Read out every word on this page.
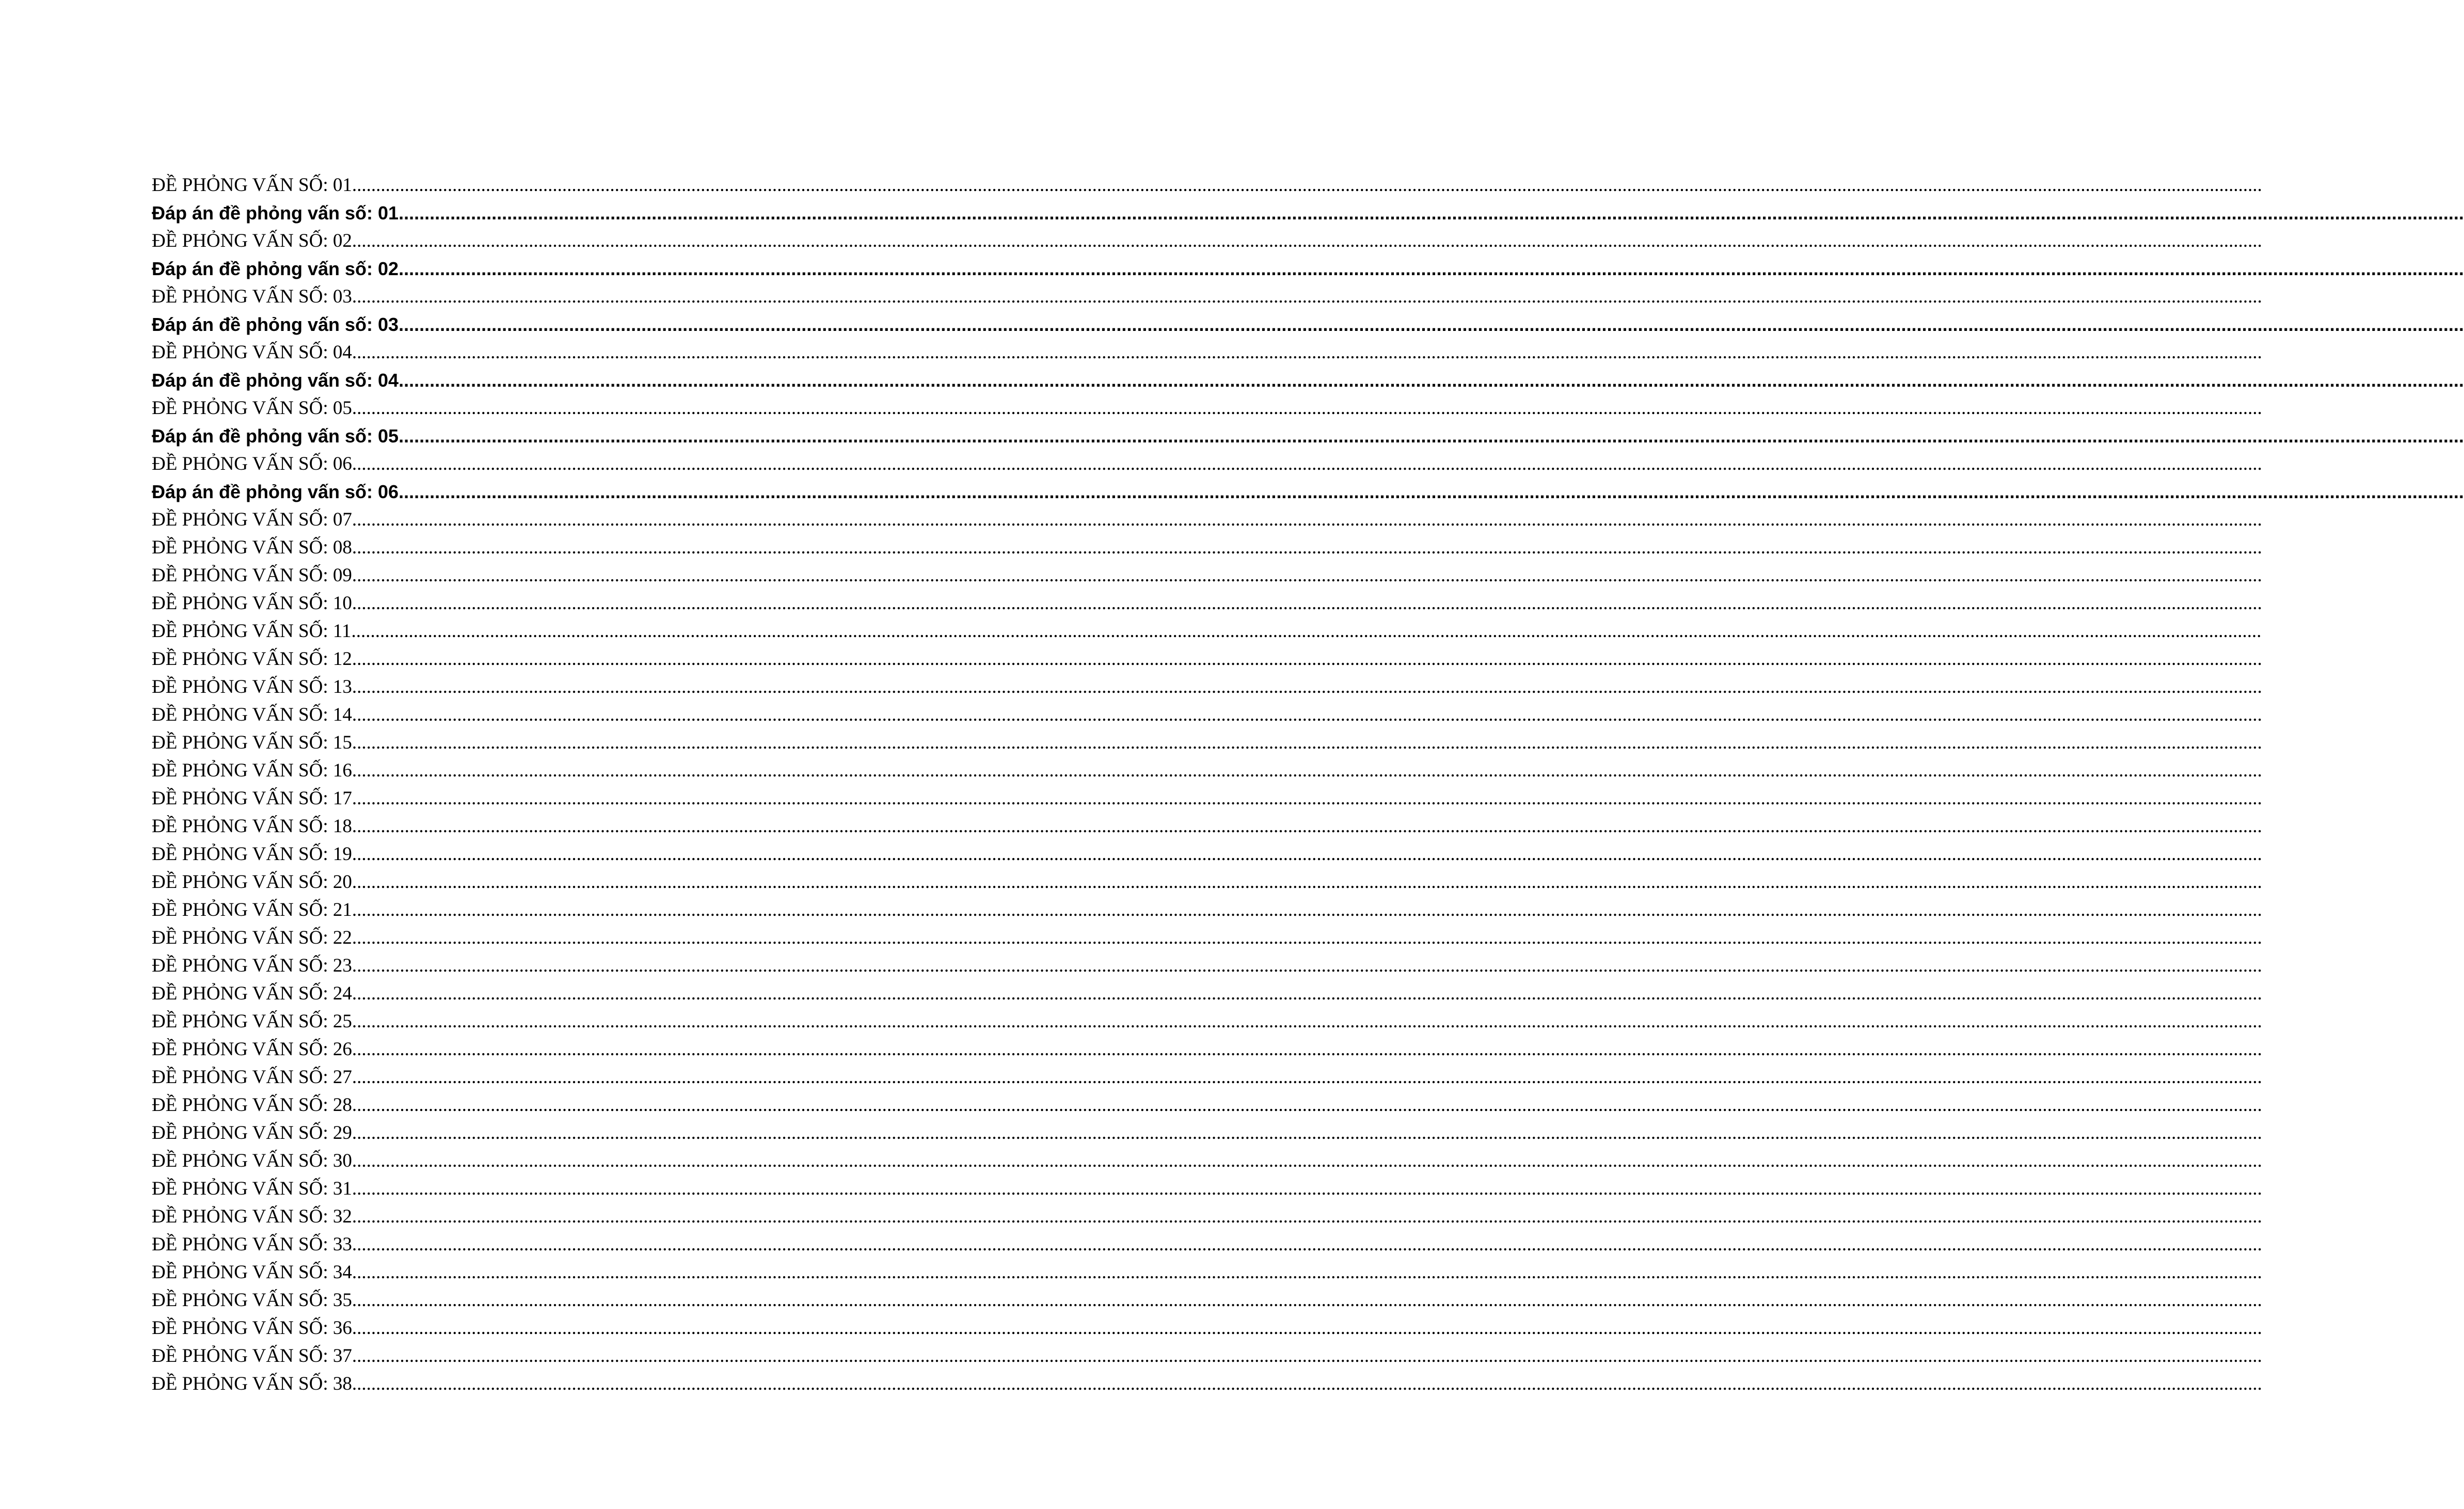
ĐỀ PHỎNG VẤN SỐ: 01................................................................................................................................................................................................................................................................................................................................................................................................................
Đáp án đề phỏng vấn số: 01................................................................................................................................................................................................................................................................................................................................................................................................................
ĐỀ PHỎNG VẤN SỐ: 02................................................................................................................................................................................................................................................................................................................................................................................................................
Đáp án đề phỏng vấn số: 02................................................................................................................................................................................................................................................................................................................................................................................................................
ĐỀ PHỎNG VẤN SỐ: 03................................................................................................................................................................................................................................................................................................................................................................................................................
Đáp án đề phỏng vấn số: 03................................................................................................................................................................................................................................................................................................................................................................................................................
ĐỀ PHỎNG VẤN SỐ: 04................................................................................................................................................................................................................................................................................................................................................................................................................
Đáp án đề phỏng vấn số: 04................................................................................................................................................................................................................................................................................................................................................................................................................
ĐỀ PHỎNG VẤN SỐ: 05................................................................................................................................................................................................................................................................................................................................................................................................................
Đáp án đề phỏng vấn số: 05................................................................................................................................................................................................................................................................................................................................................................................................................
ĐỀ PHỎNG VẤN SỐ: 06................................................................................................................................................................................................................................................................................................................................................................................................................
Đáp án đề phỏng vấn số: 06................................................................................................................................................................................................................................................................................................................................................................................................................
ĐỀ PHỎNG VẤN SỐ: 07................................................................................................................................................................................................................................................................................................................................................................................................................
ĐỀ PHỎNG VẤN SỐ: 08................................................................................................................................................................................................................................................................................................................................................................................................................
ĐỀ PHỎNG VẤN SỐ: 09................................................................................................................................................................................................................................................................................................................................................................................................................
ĐỀ PHỎNG VẤN SỐ: 10................................................................................................................................................................................................................................................................................................................................................................................................................
ĐỀ PHỎNG VẤN SỐ: 11................................................................................................................................................................................................................................................................................................................................................................................................................
ĐỀ PHỎNG VẤN SỐ: 12................................................................................................................................................................................................................................................................................................................................................................................................................
ĐỀ PHỎNG VẤN SỐ: 13................................................................................................................................................................................................................................................................................................................................................................................................................
ĐỀ PHỎNG VẤN SỐ: 14................................................................................................................................................................................................................................................................................................................................................................................................................
ĐỀ PHỎNG VẤN SỐ: 15................................................................................................................................................................................................................................................................................................................................................................................................................
ĐỀ PHỎNG VẤN SỐ: 16................................................................................................................................................................................................................................................................................................................................................................................................................
ĐỀ PHỎNG VẤN SỐ: 17................................................................................................................................................................................................................................................................................................................................................................................................................
ĐỀ PHỎNG VẤN SỐ: 18................................................................................................................................................................................................................................................................................................................................................................................................................
ĐỀ PHỎNG VẤN SỐ: 19................................................................................................................................................................................................................................................................................................................................................................................................................
ĐỀ PHỎNG VẤN SỐ: 20................................................................................................................................................................................................................................................................................................................................................................................................................
ĐỀ PHỎNG VẤN SỐ: 21................................................................................................................................................................................................................................................................................................................................................................................................................
ĐỀ PHỎNG VẤN SỐ: 22................................................................................................................................................................................................................................................................................................................................................................................................................
ĐỀ PHỎNG VẤN SỐ: 23................................................................................................................................................................................................................................................................................................................................................................................................................
ĐỀ PHỎNG VẤN SỐ: 24................................................................................................................................................................................................................................................................................................................................................................................................................
ĐỀ PHỎNG VẤN SỐ: 25................................................................................................................................................................................................................................................................................................................................................................................................................
ĐỀ PHỎNG VẤN SỐ: 26................................................................................................................................................................................................................................................................................................................................................................................................................
ĐỀ PHỎNG VẤN SỐ: 27................................................................................................................................................................................................................................................................................................................................................................................................................
ĐỀ PHỎNG VẤN SỐ: 28................................................................................................................................................................................................................................................................................................................................................................................................................
ĐỀ PHỎNG VẤN SỐ: 29................................................................................................................................................................................................................................................................................................................................................................................................................
ĐỀ PHỎNG VẤN SỐ: 30................................................................................................................................................................................................................................................................................................................................................................................................................
ĐỀ PHỎNG VẤN SỐ: 31................................................................................................................................................................................................................................................................................................................................................................................................................
ĐỀ PHỎNG VẤN SỐ: 32................................................................................................................................................................................................................................................................................................................................................................................................................
ĐỀ PHỎNG VẤN SỐ: 33................................................................................................................................................................................................................................................................................................................................................................................................................
ĐỀ PHỎNG VẤN SỐ: 34................................................................................................................................................................................................................................................................................................................................................................................................................
ĐỀ PHỎNG VẤN SỐ: 35................................................................................................................................................................................................................................................................................................................................................................................................................
ĐỀ PHỎNG VẤN SỐ: 36................................................................................................................................................................................................................................................................................................................................................................................................................
ĐỀ PHỎNG VẤN SỐ: 37................................................................................................................................................................................................................................................................................................................................................................................................................
ĐỀ PHỎNG VẤN SỐ: 38................................................................................................................................................................................................................................................................................................................................................................................................................
